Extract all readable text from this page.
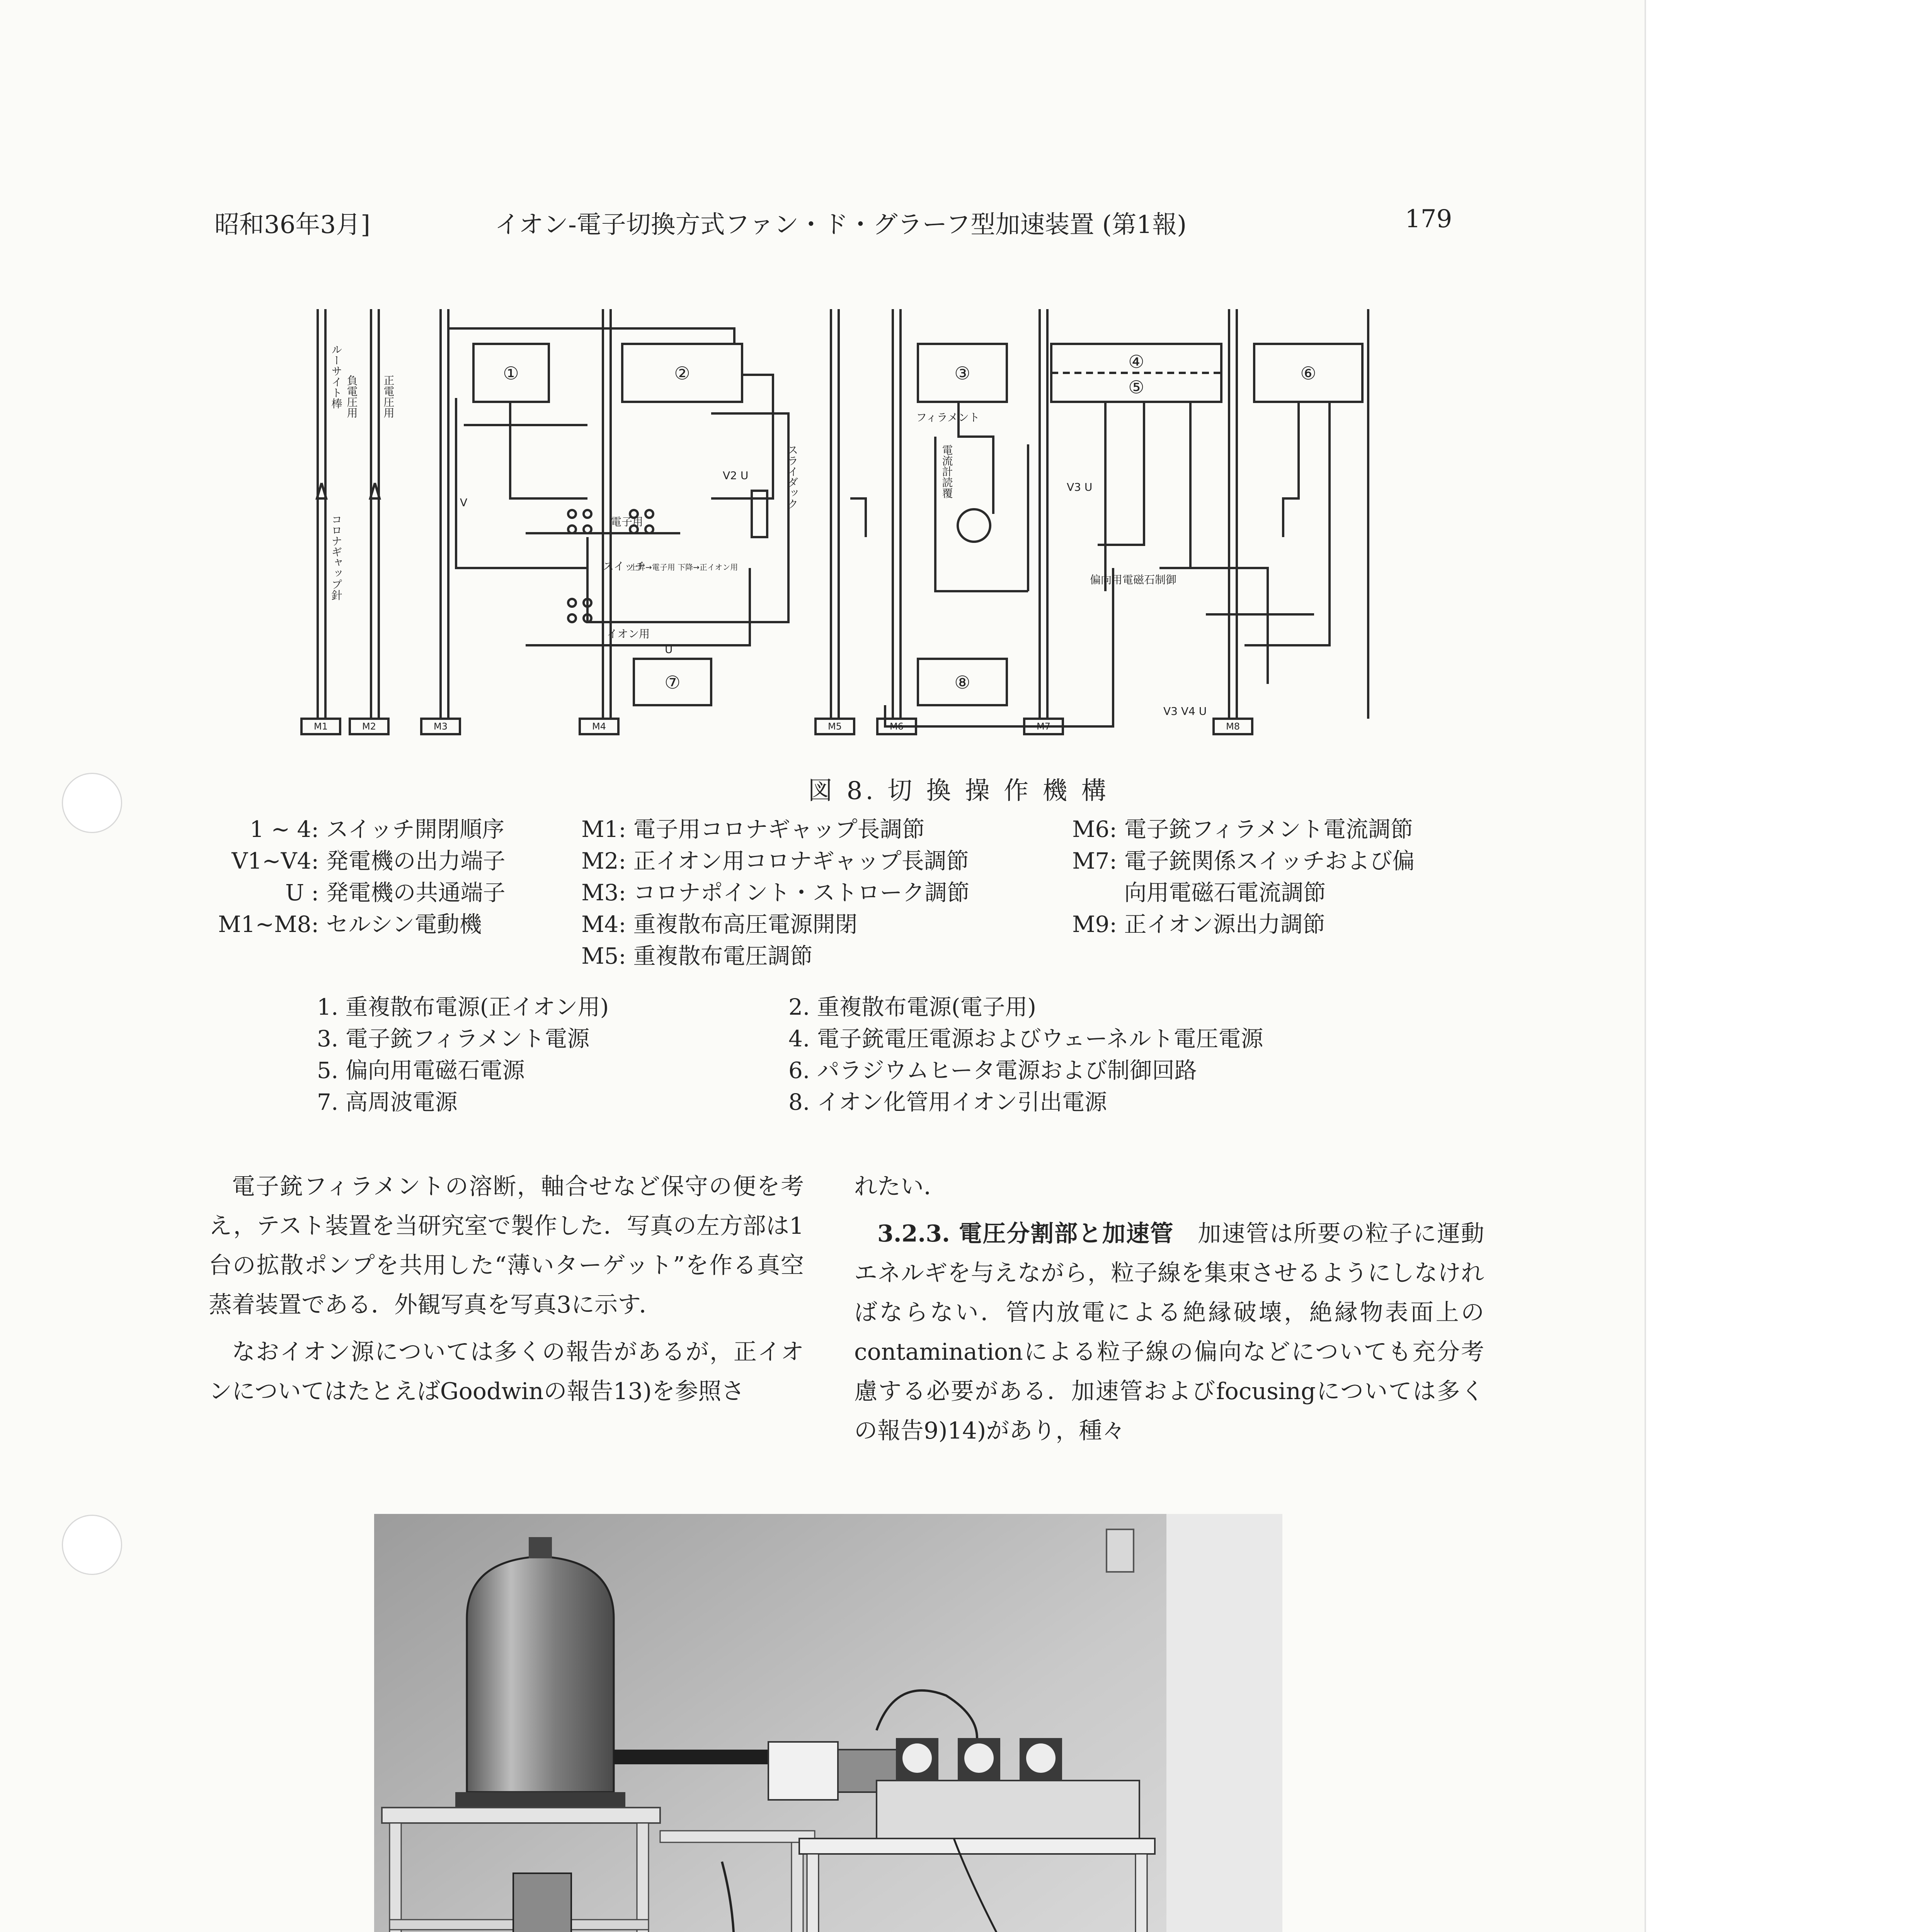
昭和36年3月]	イオン-電子切換方式ファン・ド・グラーフ型加速装置 (第1報)	179
①	②	③
④
⑤
⑥
⑦	⑧
M1	M2	M3	M4	M5	M6	M7	M8
ルーサイト棒 負電圧用 正電圧用
コロナギャップ針
フィラメント
スライダック	電流計読覆
電子用
スイッチ
上昇→電子用 下降→正イオン用
イオン用
偏向用電磁石制御
V
U
V2 U
V3 U
V3 V4 U
図 8. 切 換 操 作 機 構
1 ~ 4: スイッチ開閉順序
V1~V4: 発電機の出力端子
U : 発電機の共通端子
M1~M8: セルシン電動機
M1: 電子用コロナギャップ長調節
M2: 正イオン用コロナギャップ長調節
M3: コロナポイント・ストローク調節
M4: 重複散布高圧電源開閉
M5: 重複散布電圧調節
M6: 電子銃フィラメント電流調節
M7: 電子銃関係スイッチおよび偏
向用電磁石電流調節
M9: 正イオン源出力調節
1. 重複散布電源(正イオン用)
3. 電子銃フィラメント電源
5. 偏向用電磁石電源
7. 高周波電源
2. 重複散布電源(電子用)
4. 電子銃電圧電源およびウェーネルト電圧電源
6. パラジウムヒータ電源および制御回路
8. イオン化管用イオン引出電源

電子銃フィラメントの溶断，軸合せなど保守の便を考え，テスト装置を当研究室で製作した．写真の左方部は1台の拡散ポンプを共用した“薄いターゲット”を作る真空蒸着装置である．外観写真を写真3に示す．

なおイオン源については多くの報告があるが，正イオンについてはたとえばGoodwinの報告13)を参照さ

れたい．

3.2.3. 電圧分割部と加速管　 加速管は所要の粒子に運動エネルギを与えながら，粒子線を集束させるようにしなければならない．管内放電による絶縁破壊，絶縁物表面上のcontaminationによる粒子線の偏向などについても充分考慮する必要がある．加速管およびfocusingについては多くの報告9)14)があり，種々
